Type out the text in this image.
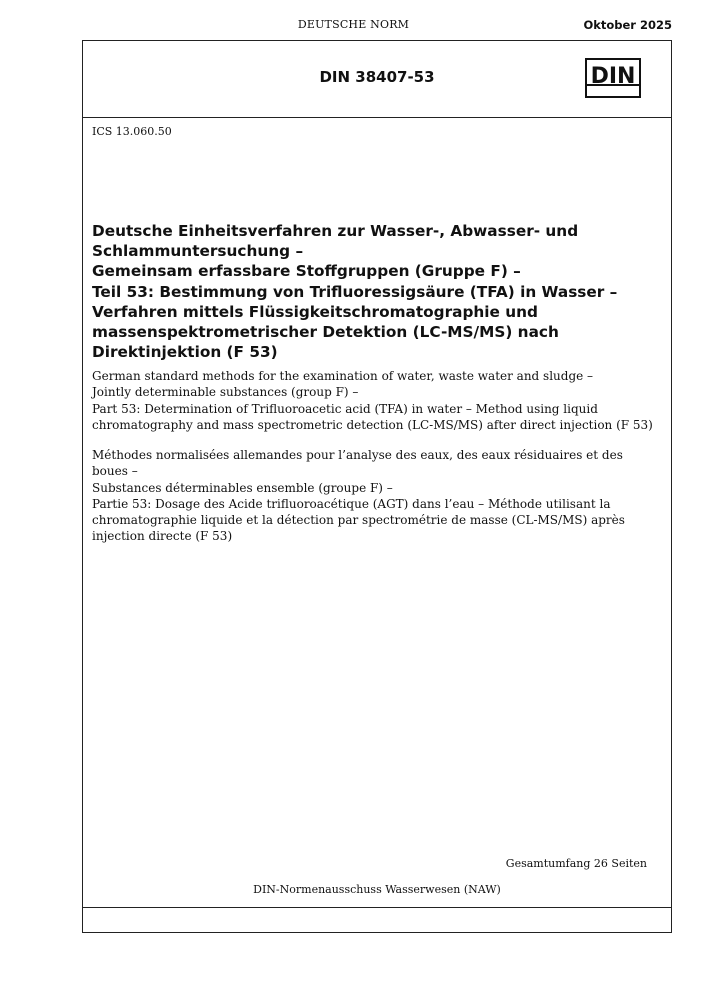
DEUTSCHE NORM	Oktober 2025
DIN 38407-53	DIN
ICS 13.060.50
Deutsche Einheitsverfahren zur Wasser-, Abwasser- und
Schlammuntersuchung –
Gemeinsam erfassbare Stoffgruppen (Gruppe F) –
Teil 53: Bestimmung von Trifluoressigsäure (TFA) in Wasser –
Verfahren mittels Flüssigkeitschromatographie und
massenspektrometrischer Detektion (LC-MS/MS) nach
Direktinjektion (F 53)

German standard methods for the examination of water, waste water and sludge –
Jointly determinable substances (group F) –
Part 53: Determination of Trifluoroacetic acid (TFA) in water – Method using liquid
chromatography and mass spectrometric detection (LC-MS/MS) after direct injection (F 53)

Méthodes normalisées allemandes pour l’analyse des eaux, des eaux résiduaires et des
boues –
Substances déterminables ensemble (groupe F) –
Partie 53: Dosage des Acide trifluoroacétique (AGT) dans l’eau – Méthode utilisant la
chromatographie liquide et la détection par spectrométrie de masse (CL-MS/MS) après
injection directe (F 53)

Gesamtumfang 26 Seiten
DIN-Normenausschuss Wasserwesen (NAW)
